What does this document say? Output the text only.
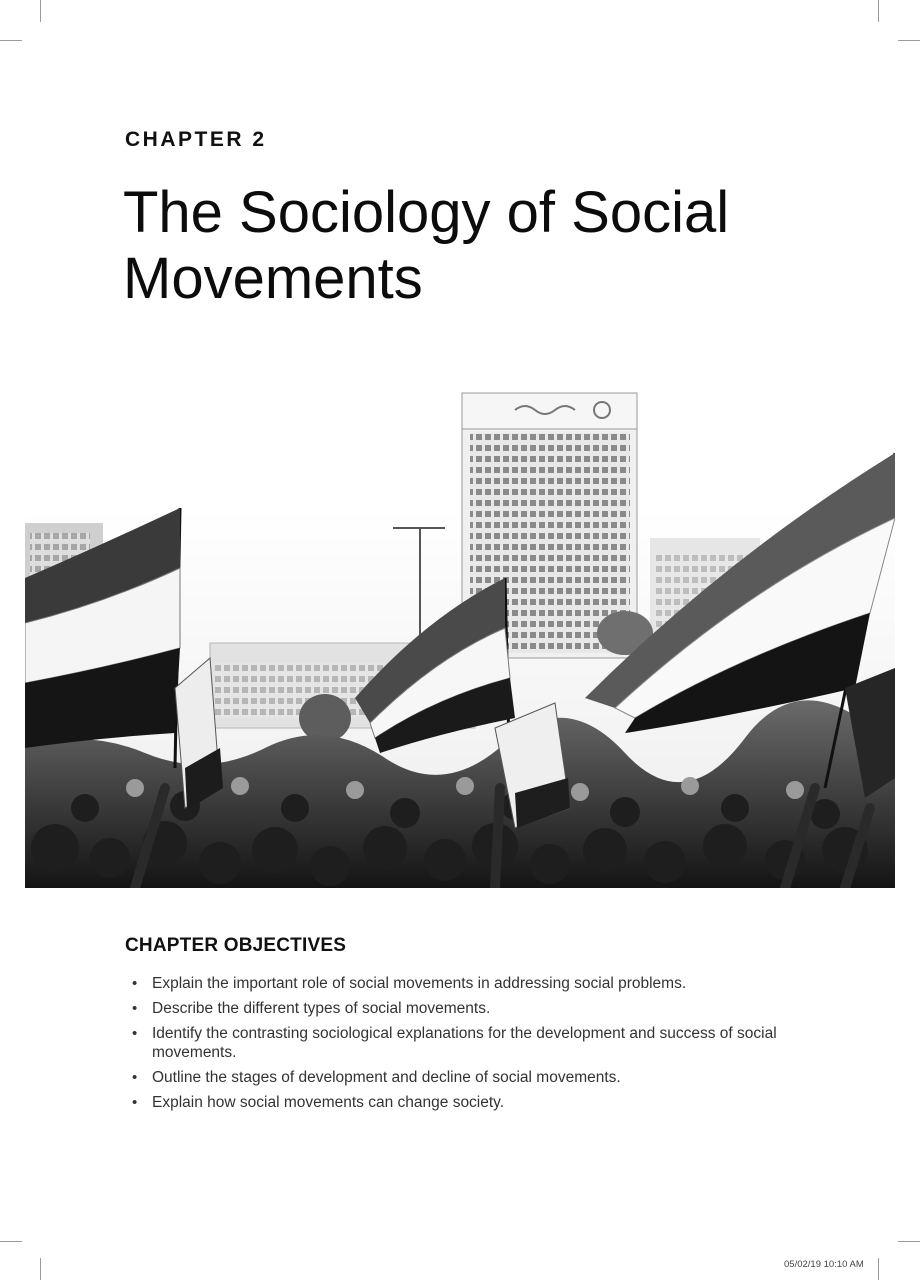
CHAPTER 2
The Sociology of Social
Movements
CHAPTER OBJECTIVES
• Explain the important role of social movements in addressing social problems.
• Describe the different types of social movements.
• Identify the contrasting sociological explanations for the development and success of social movements.
• Outline the stages of development and decline of social movements.
• Explain how social movements can change society.
05/02/19 10:10 AM
